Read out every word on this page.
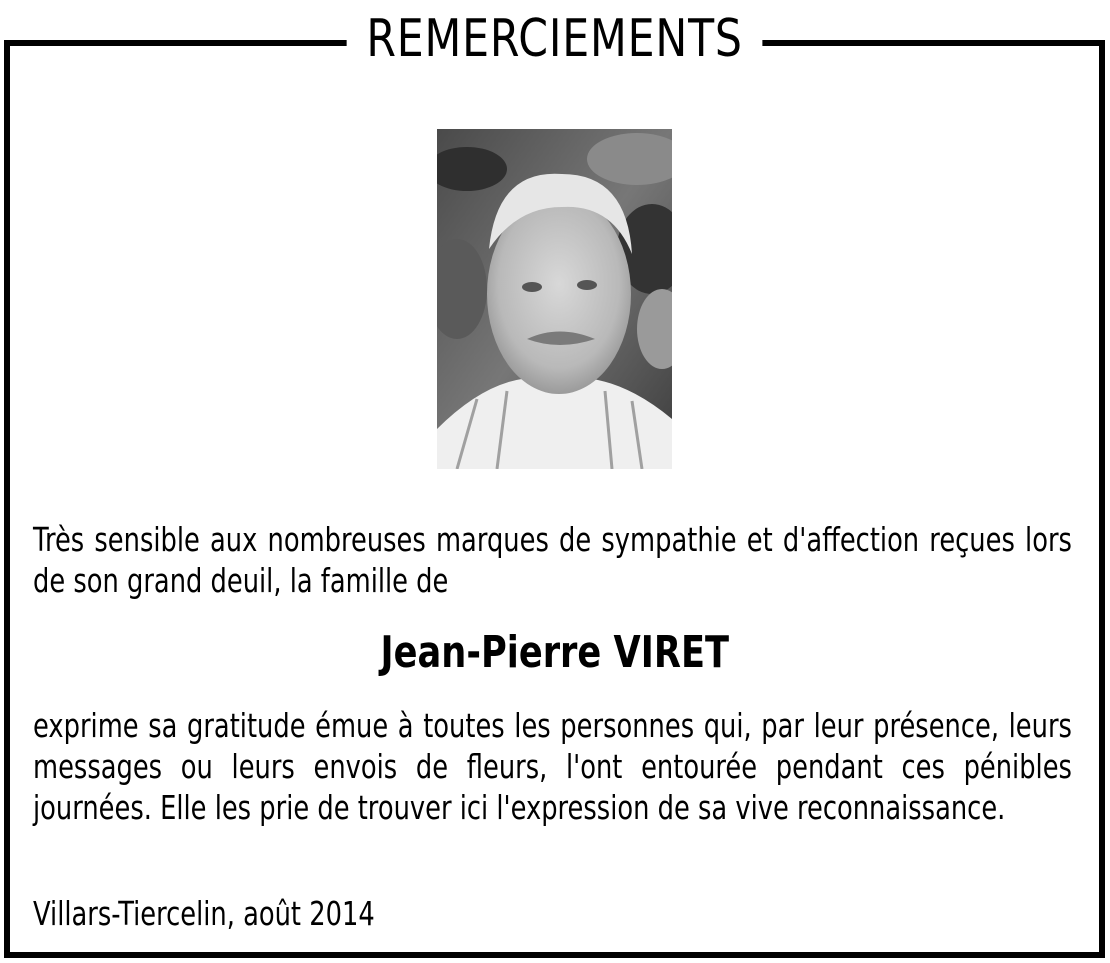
REMERCIEMENTS
Très sensible aux nombreuses marques de sympathie et d'affection reçues lors de son grand deuil, la famille de
Jean-Pierre VIRET
exprime sa gratitude émue à toutes les personnes qui, par leur présence, leurs messages ou leurs envois de fleurs, l'ont entourée pendant ces pénibles journées. Elle les prie de trouver ici l'expression de sa vive reconnaissance.
Villars-Tiercelin, août 2014
